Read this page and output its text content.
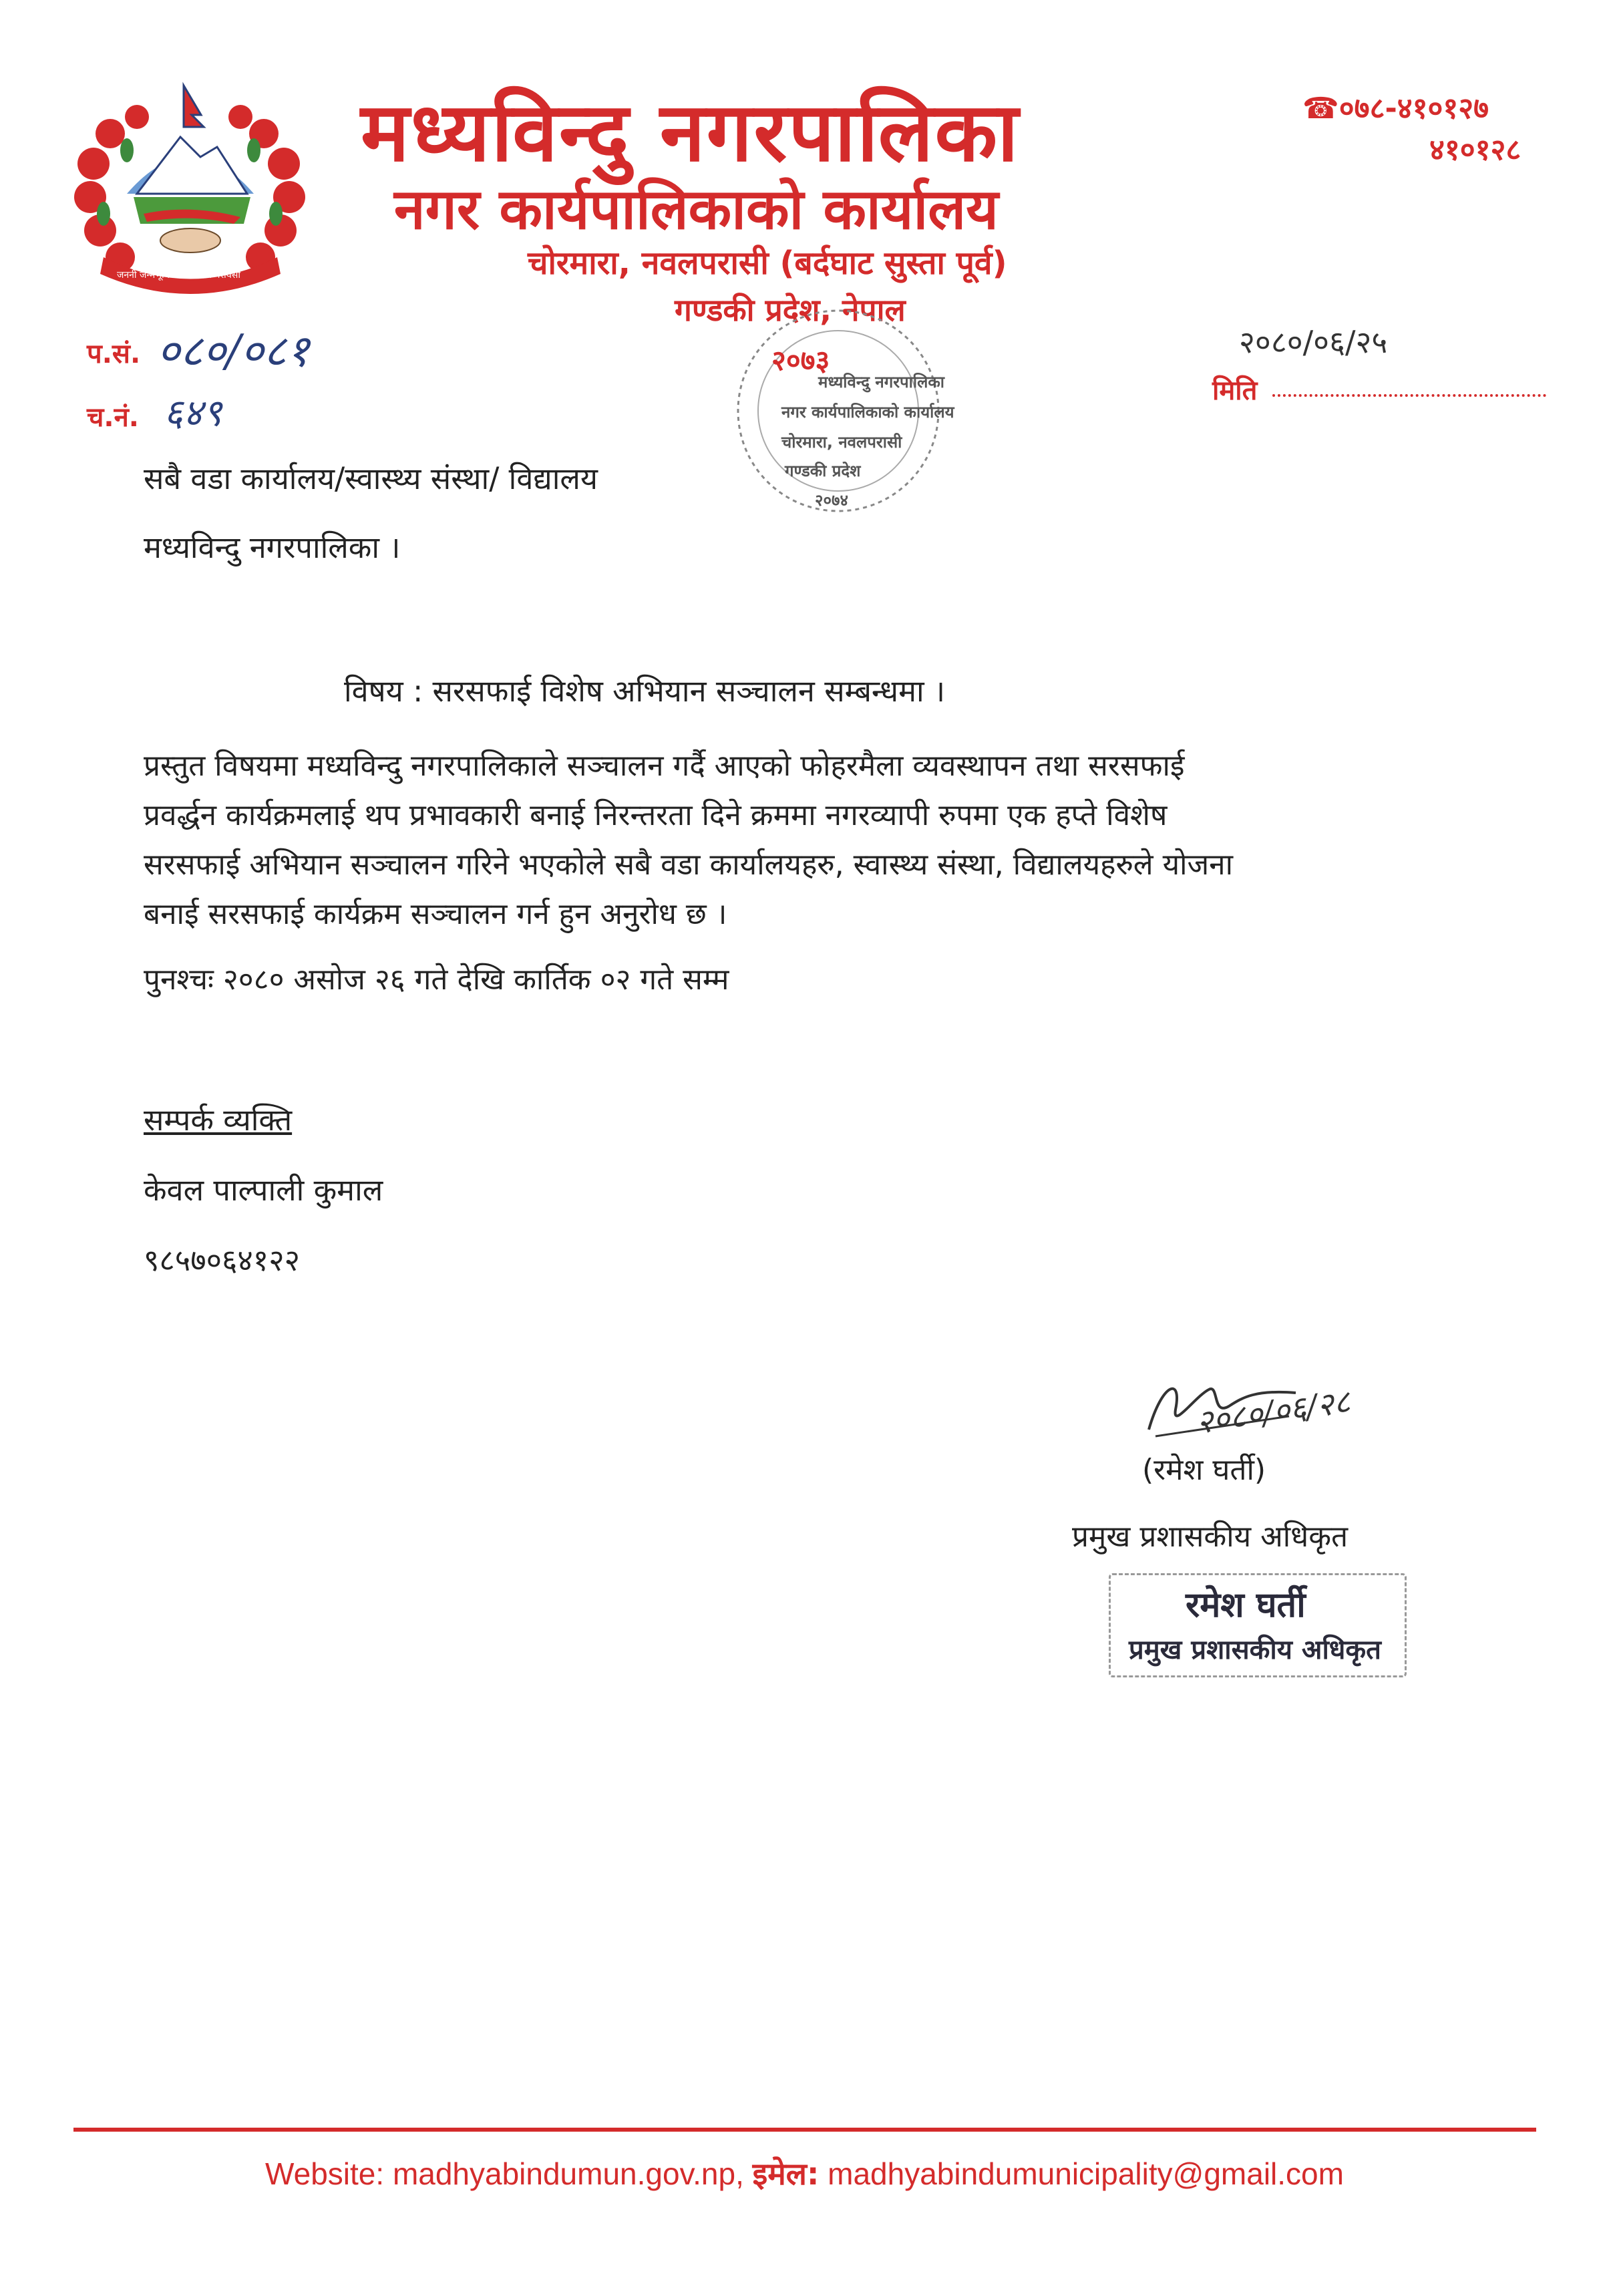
जननी जन्मभूमिश्च स्वर्गादपि गरीयसी
मध्यविन्दु नगरपालिका
नगर कार्यपालिकाको कार्यालय
चोरमारा, नवलपरासी (बर्दघाट सुस्ता पूर्व)
गण्डकी प्रदेश, नेपाल
☎०७८-४१०१२७
४१०१२८
२०७३
मध्यविन्दु नगरपालिका
नगर कार्यपालिकाको कार्यालय
चोरमारा, नवलपरासी
गण्डकी प्रदेश
२०७४
प.सं. ०८०/०८१
च.नं. ६४९
२०८०/०६/२५
मिति
सबै वडा कार्यालय/स्वास्थ्य संस्था/ विद्यालय
मध्यविन्दु नगरपालिका ।
विषय : सरसफाई विशेष अभियान सञ्चालन सम्बन्धमा ।
प्रस्तुत विषयमा मध्यविन्दु नगरपालिकाले सञ्चालन गर्दै आएको फोहरमैला व्यवस्थापन तथा सरसफाई
प्रवर्द्धन कार्यक्रमलाई थप प्रभावकारी बनाई निरन्तरता दिने क्रममा नगरव्यापी रुपमा एक हप्ते विशेष
सरसफाई अभियान सञ्चालन गरिने भएकोले सबै वडा कार्यालयहरु, स्वास्थ्य संस्था, विद्यालयहरुले योजना
बनाई सरसफाई कार्यक्रम सञ्चालन गर्न हुन अनुरोध छ ।
पुनश्चः २०८० असोज २६ गते देखि कार्तिक ०२ गते सम्म
सम्पर्क व्यक्ति
केवल पाल्पाली कुमाल
९८५७०६४१२२
२०८०/०६/२८
(रमेश घर्ती)
प्रमुख प्रशासकीय अधिकृत
रमेश घर्ती
प्रमुख प्रशासकीय अधिकृत
Website: madhyabindumun.gov.np, इमेल: madhyabindumunicipality@gmail.com
